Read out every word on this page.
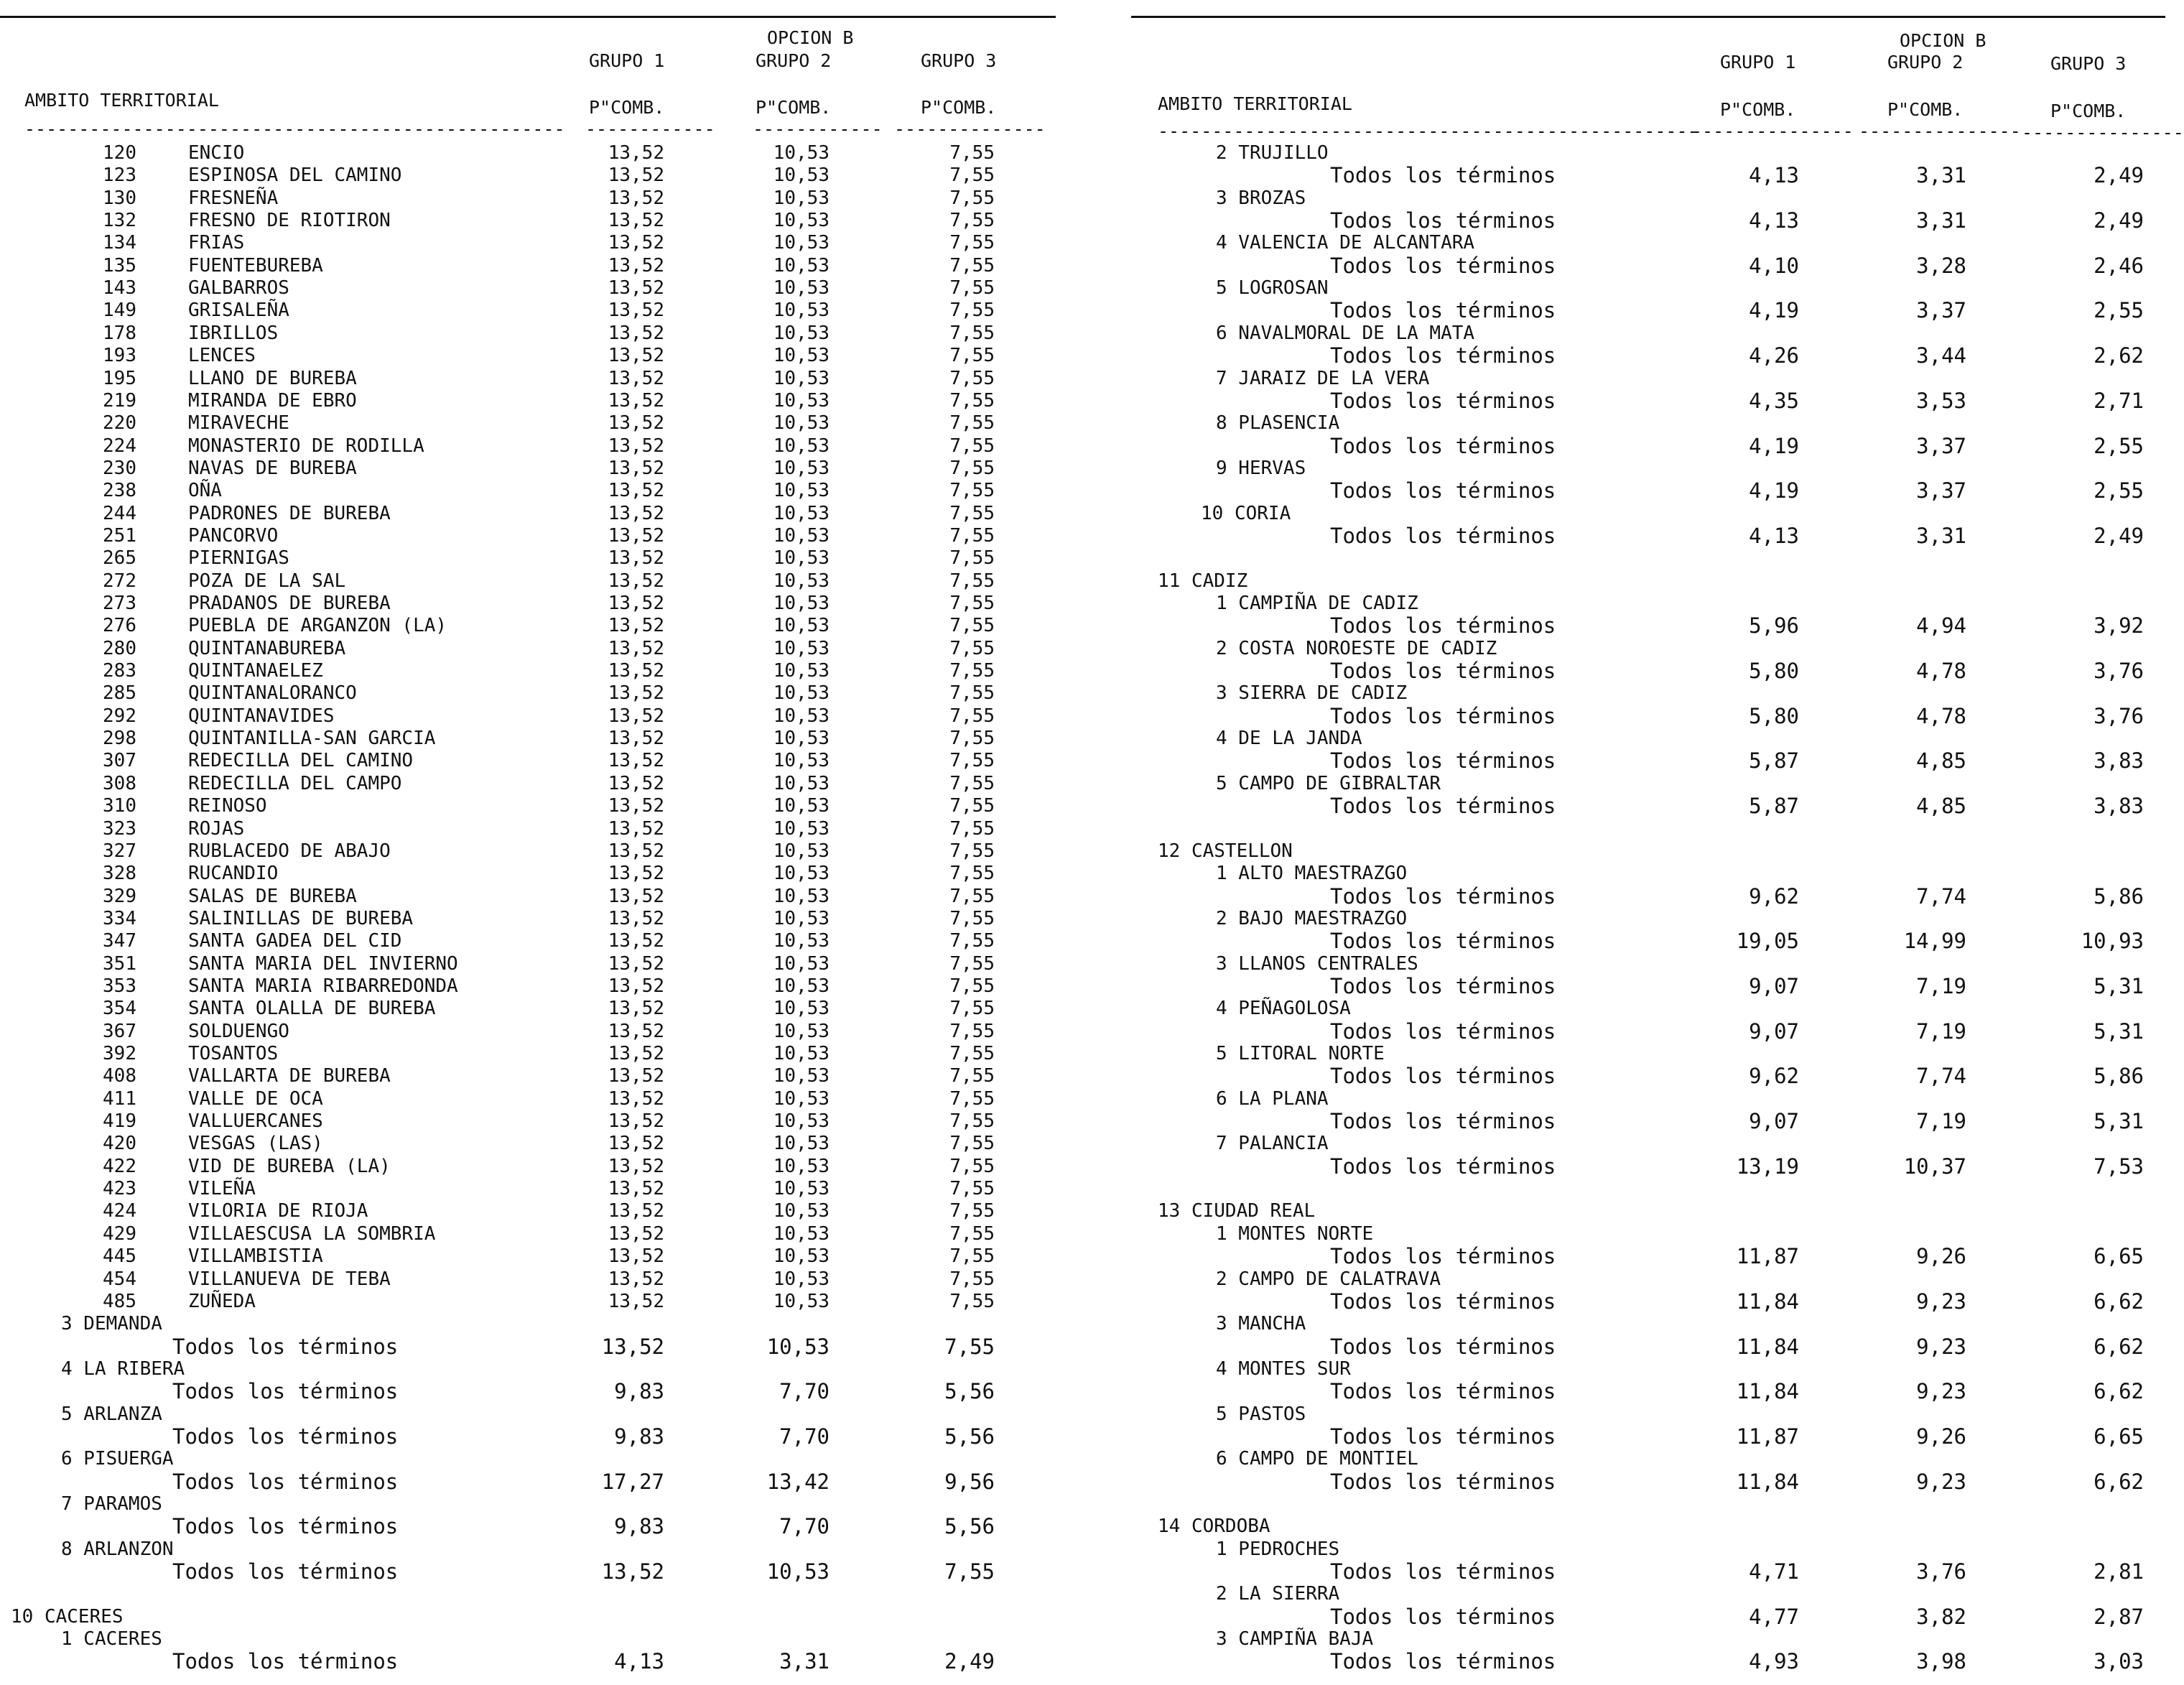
OPCION B
GRUPO 1	GRUPO 2	GRUPO 3
AMBITO TERRITORIAL	P"COMB.	P"COMB.	P"COMB.
-------------------------------------------------- ------------ ------------ --------------
120	ENCIO	13,52	10,53	7,55
123	ESPINOSA DEL CAMINO	13,52	10,53	7,55
130	FRESNEÑA	13,52	10,53	7,55
132	FRESNO DE RIOTIRON	13,52	10,53	7,55
134	FRIAS	13,52	10,53	7,55
135	FUENTEBUREBA	13,52	10,53	7,55
143	GALBARROS	13,52	10,53	7,55
149	GRISALEÑA	13,52	10,53	7,55
178	IBRILLOS	13,52	10,53	7,55
193	LENCES	13,52	10,53	7,55
195	LLANO DE BUREBA	13,52	10,53	7,55
219	MIRANDA DE EBRO	13,52	10,53	7,55
220	MIRAVECHE	13,52	10,53	7,55
224	MONASTERIO DE RODILLA	13,52	10,53	7,55
230	NAVAS DE BUREBA	13,52	10,53	7,55
238	OÑA	13,52	10,53	7,55
244	PADRONES DE BUREBA	13,52	10,53	7,55
251	PANCORVO	13,52	10,53	7,55
265	PIERNIGAS	13,52	10,53	7,55
272	POZA DE LA SAL	13,52	10,53	7,55
273	PRADANOS DE BUREBA	13,52	10,53	7,55
276	PUEBLA DE ARGANZON (LA)	13,52	10,53	7,55
280	QUINTANABUREBA	13,52	10,53	7,55
283	QUINTANAELEZ	13,52	10,53	7,55
285	QUINTANALORANCO	13,52	10,53	7,55
292	QUINTANAVIDES	13,52	10,53	7,55
298	QUINTANILLA-SAN GARCIA	13,52	10,53	7,55
307	REDECILLA DEL CAMINO	13,52	10,53	7,55
308	REDECILLA DEL CAMPO	13,52	10,53	7,55
310	REINOSO	13,52	10,53	7,55
323	ROJAS	13,52	10,53	7,55
327	RUBLACEDO DE ABAJO	13,52	10,53	7,55
328	RUCANDIO	13,52	10,53	7,55
329	SALAS DE BUREBA	13,52	10,53	7,55
334	SALINILLAS DE BUREBA	13,52	10,53	7,55
347	SANTA GADEA DEL CID	13,52	10,53	7,55
351	SANTA MARIA DEL INVIERNO	13,52	10,53	7,55
353	SANTA MARIA RIBARREDONDA	13,52	10,53	7,55
354	SANTA OLALLA DE BUREBA	13,52	10,53	7,55
367	SOLDUENGO	13,52	10,53	7,55
392	TOSANTOS	13,52	10,53	7,55
408	VALLARTA DE BUREBA	13,52	10,53	7,55
411	VALLE DE OCA	13,52	10,53	7,55
419	VALLUERCANES	13,52	10,53	7,55
420	VESGAS (LAS)	13,52	10,53	7,55
422	VID DE BUREBA (LA)	13,52	10,53	7,55
423	VILEÑA	13,52	10,53	7,55
424	VILORIA DE RIOJA	13,52	10,53	7,55
429	VILLAESCUSA LA SOMBRIA	13,52	10,53	7,55
445	VILLAMBISTIA	13,52	10,53	7,55
454	VILLANUEVA DE TEBA	13,52	10,53	7,55
485	ZUÑEDA	13,52	10,53	7,55
3 DEMANDA
Todos los términos	13,52	10,53	7,55
4 LA RIBERA
Todos los términos	9,83	7,70	5,56
5 ARLANZA
Todos los términos	9,83	7,70	5,56
6 PISUERGA
Todos los términos	17,27	13,42	9,56
7 PARAMOS
Todos los términos	9,83	7,70	5,56
8 ARLANZON
Todos los términos	13,52	10,53	7,55
10 CACERES
1 CACERES
Todos los términos	4,13	3,31	2,49
OPCION B
GRUPO 1	GRUPO 2	GRUPO 3
AMBITO TERRITORIAL	P"COMB.	P"COMB.	P"COMB.
--------------------------------------------------
--------------- --------------- ---------------
2 TRUJILLO
Todos los términos	4,13	3,31	2,49
3 BROZAS
Todos los términos	4,13	3,31	2,49
4 VALENCIA DE ALCANTARA
Todos los términos	4,10	3,28	2,46
5 LOGROSAN
Todos los términos	4,19	3,37	2,55
6 NAVALMORAL DE LA MATA
Todos los términos	4,26	3,44	2,62
7 JARAIZ DE LA VERA
Todos los términos	4,35	3,53	2,71
8 PLASENCIA
Todos los términos	4,19	3,37	2,55
9 HERVAS
Todos los términos	4,19	3,37	2,55
10 CORIA
Todos los términos	4,13	3,31	2,49
11 CADIZ
1 CAMPIÑA DE CADIZ
Todos los términos	5,96	4,94	3,92
2 COSTA NOROESTE DE CADIZ
Todos los términos	5,80	4,78	3,76
3 SIERRA DE CADIZ
Todos los términos	5,80	4,78	3,76
4 DE LA JANDA
Todos los términos	5,87	4,85	3,83
5 CAMPO DE GIBRALTAR
Todos los términos	5,87	4,85	3,83
12 CASTELLON
1 ALTO MAESTRAZGO
Todos los términos	9,62	7,74	5,86
2 BAJO MAESTRAZGO
Todos los términos	19,05	14,99	10,93
3 LLANOS CENTRALES
Todos los términos	9,07	7,19	5,31
4 PEÑAGOLOSA
Todos los términos	9,07	7,19	5,31
5 LITORAL NORTE
Todos los términos	9,62	7,74	5,86
6 LA PLANA
Todos los términos	9,07	7,19	5,31
7 PALANCIA
Todos los términos	13,19	10,37	7,53
13 CIUDAD REAL
1 MONTES NORTE
Todos los términos	11,87	9,26	6,65
2 CAMPO DE CALATRAVA
Todos los términos	11,84	9,23	6,62
3 MANCHA
Todos los términos	11,84	9,23	6,62
4 MONTES SUR
Todos los términos	11,84	9,23	6,62
5 PASTOS
Todos los términos	11,87	9,26	6,65
6 CAMPO DE MONTIEL
Todos los términos	11,84	9,23	6,62
14 CORDOBA
1 PEDROCHES
Todos los términos	4,71	3,76	2,81
2 LA SIERRA
Todos los términos	4,77	3,82	2,87
3 CAMPIÑA BAJA
Todos los términos	4,93	3,98	3,03
